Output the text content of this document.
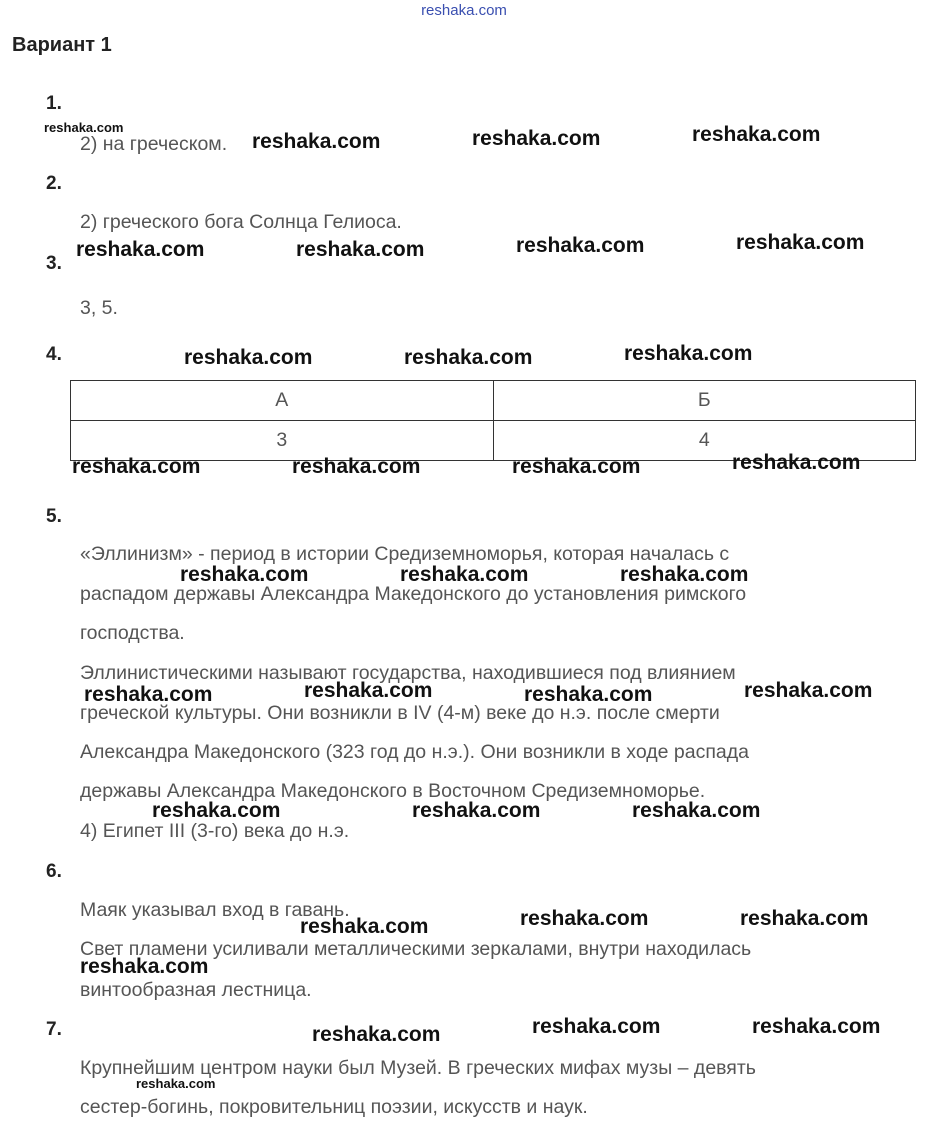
reshaka.com
Вариант 1
1.
2) на греческом.
2.
2) греческого бога Солнца Гелиоса.
3.
3, 5.
4.
А	Б
3	4
5.
«Эллинизм» - период в истории Средиземноморья, которая началась с
распадом державы Александра Македонского до установления римского
господства.
Эллинистическими называют государства, находившиеся под влиянием
греческой культуры. Они возникли в IV (4-м) веке до н.э. после смерти
Александра Македонского (323 год до н.э.). Они возникли в ходе распада
державы Александра Македонского в Восточном Средиземноморье.
4) Египет III (3-го) века до н.э.
6.
Маяк указывал вход в гавань.
Свет пламени усиливали металлическими зеркалами, внутри находилась
винтообразная лестница.
7.
Крупнейшим центром науки был Музей. В греческих мифах музы – девять
сестер-богинь, покровительниц поэзии, искусств и наук.
reshaka.com
reshaka.com	reshaka.com	reshaka.com
reshaka.com	reshaka.com	reshaka.com	reshaka.com
reshaka.com	reshaka.com	reshaka.com
reshaka.com	reshaka.com	reshaka.com	reshaka.com
reshaka.com	reshaka.com	reshaka.com
reshaka.com	reshaka.com	reshaka.com	reshaka.com
reshaka.com	reshaka.com	reshaka.com
reshaka.com	reshaka.com	reshaka.com
reshaka.com
reshaka.com	reshaka.com	reshaka.com
reshaka.com
